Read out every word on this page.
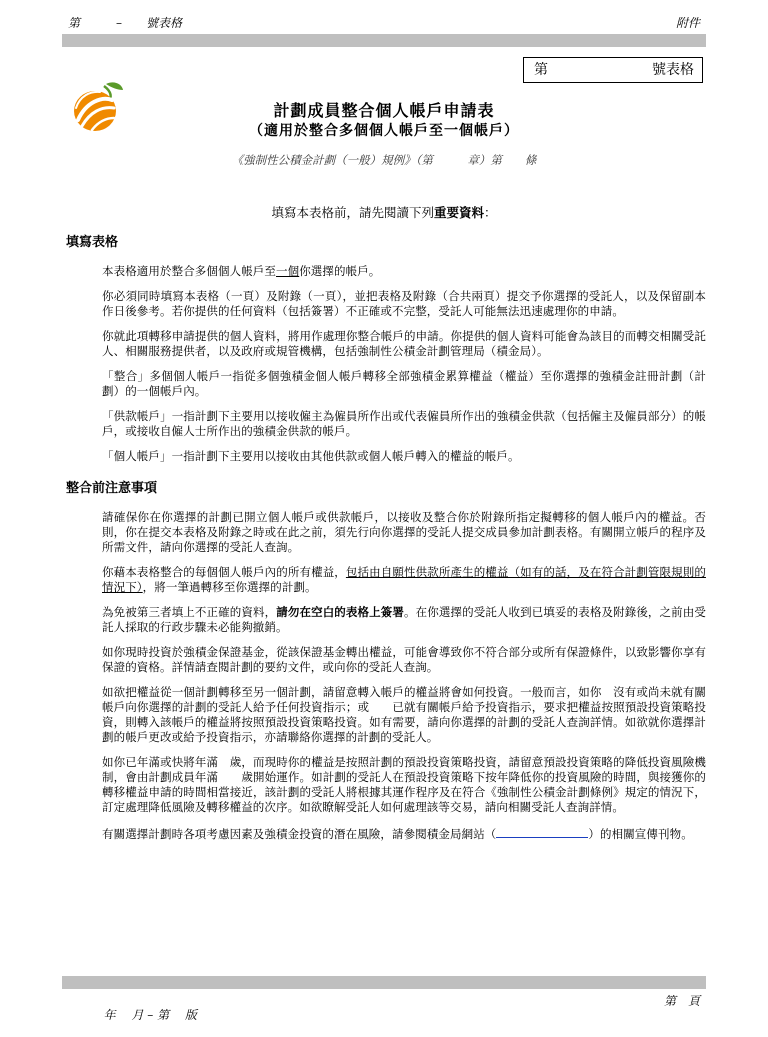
第　　　–　　號表格	附件
第	號表格
計劃成員整合個人帳戶申請表
（適用於整合多個個人帳戶至一個帳戶）
《強制性公積金計劃（一般）規例》（第　　　章）第　　條
填寫本表格前，請先閱讀下列重要資料：
填寫表格
本表格適用於整合多個個人帳戶至一個你選擇的帳戶。
你必須同時填寫本表格（一頁）及附錄（一頁），並把表格及附錄（合共兩頁）提交予你選擇的受託人，以及保留副本作日後參考。若你提供的任何資料（包括簽署）不正確或不完整，受託人可能無法迅速處理你的申請。
你就此項轉移申請提供的個人資料，將用作處理你整合帳戶的申請。你提供的個人資料可能會為該目的而轉交相關受託人、相關服務提供者，以及政府或規管機構，包括強制性公積金計劃管理局（積金局）。
「整合」多個個人帳戶一指從多個強積金個人帳戶轉移全部強積金累算權益（權益）至你選擇的強積金註冊計劃（計劃）的一個帳戶內。
「供款帳戶」一指計劃下主要用以接收僱主為僱員所作出或代表僱員所作出的強積金供款（包括僱主及僱員部分）的帳戶，或接收自僱人士所作出的強積金供款的帳戶。
「個人帳戶」一指計劃下主要用以接收由其他供款或個人帳戶轉入的權益的帳戶。
整合前注意事項
請確保你在你選擇的計劃已開立個人帳戶或供款帳戶，以接收及整合你於附錄所指定擬轉移的個人帳戶內的權益。否則，你在提交本表格及附錄之時或在此之前，須先行向你選擇的受託人提交成員參加計劃表格。有關開立帳戶的程序及所需文件，請向你選擇的受託人查詢。
你藉本表格整合的每個個人帳戶內的所有權益，包括由自願性供款所產生的權益（如有的話，及在符合計劃管限規則的情況下），將一筆過轉移至你選擇的計劃。
為免被第三者填上不正確的資料，請勿在空白的表格上簽署。在你選擇的受託人收到已填妥的表格及附錄後，之前由受託人採取的行政步驟未必能夠撤銷。
如你現時投資於強積金保證基金，從該保證基金轉出權益，可能會導致你不符合部分或所有保證條件，以致影響你享有保證的資格。詳情請查閱計劃的要約文件，或向你的受託人查詢。
如欲把權益從一個計劃轉移至另一個計劃，請留意轉入帳戶的權益將會如何投資。一般而言，如你　沒有或尚未就有關帳戶向你選擇的計劃的受託人給予任何投資指示；或　　已就有關帳戶給予投資指示，要求把權益按照預設投資策略投資，則轉入該帳戶的權益將按照預設投資策略投資。如有需要，請向你選擇的計劃的受託人查詢詳情。如欲就你選擇計劃的帳戶更改或給予投資指示，亦請聯絡你選擇的計劃的受託人。
如你已年滿或快將年滿　歲，而現時你的權益是按照計劃的預設投資策略投資，請留意預設投資策略的降低投資風險機制，會由計劃成員年滿　　歲開始運作。如計劃的受託人在預設投資策略下按年降低你的投資風險的時間，與接獲你的轉移權益申請的時間相當接近，該計劃的受託人將根據其運作程序及在符合《強制性公積金計劃條例》規定的情況下，訂定處理降低風險及轉移權益的次序。如欲瞭解受託人如何處理該等交易，請向相關受託人查詢詳情。
有關選擇計劃時各項考慮因素及強積金投資的潛在風險，請參閱積金局網站（	）的相關宣傳刊物。

年　 月 – 第　 版

第　頁
